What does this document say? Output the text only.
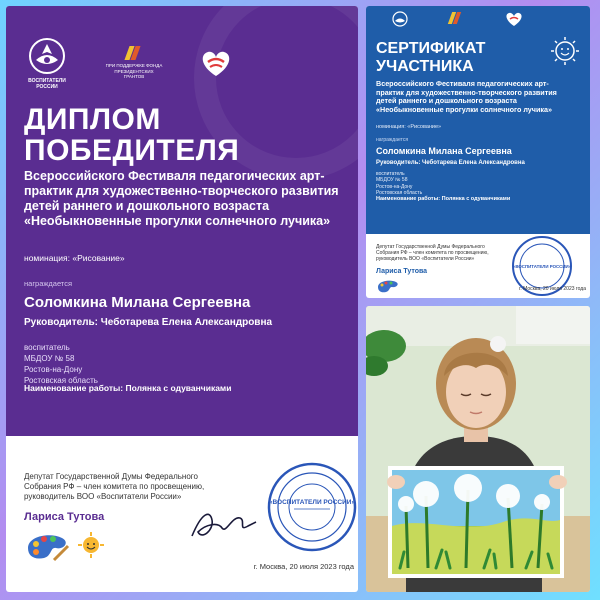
ВОСПИТАТЕЛИ РОССИИ
ПРИ ПОДДЕРЖКЕ ФОНДА ПРЕЗИДЕНТСКИХ ГРАНТОВ
ДИПЛОМ
ПОБЕДИТЕЛЯ
Всероссийского Фестиваля педагогических арт-практик для художественно-творческого развития детей раннего и дошкольного возраста «Необыкновенные прогулки солнечного лучика»
номинация: «Рисование»
награждается
Соломкина Милана Сергеевна
Руководитель: Чеботарева Елена Александровна
воспитатель
МБДОУ № 58
Ростов-на-Дону
Ростовская область
Наименование работы: Полянка с одуванчиками
Депутат Государственной Думы Федерального Собрания РФ – член комитета по просвещению, руководитель ВОО «Воспитатели России»
Лариса Тутова
«ВОСПИТАТЕЛИ РОССИИ»
г. Москва, 20 июля 2023 года
СЕРТИФИКАТ
УЧАСТНИКА
Всероссийского Фестиваля педагогических арт-практик для художественно-творческого развития детей раннего и дошкольного возраста «Необыкновенные прогулки солнечного лучика»
номинация: «Рисование»
награждается
Соломкина Милана Сергеевна
Руководитель: Чеботарева Елена Александровна
воспитатель
МБДОУ № 58
Ростов-на-Дону
Ростовская область
Наименование работы: Полянка с одуванчиками
Депутат Государственной Думы Федерального Собрания РФ – член комитета по просвещению, руководитель ВОО «Воспитатели России»
Лариса Тутова
«ВОСПИТАТЕЛИ РОССИИ»
г. Москва, 20 июля 2023 года
